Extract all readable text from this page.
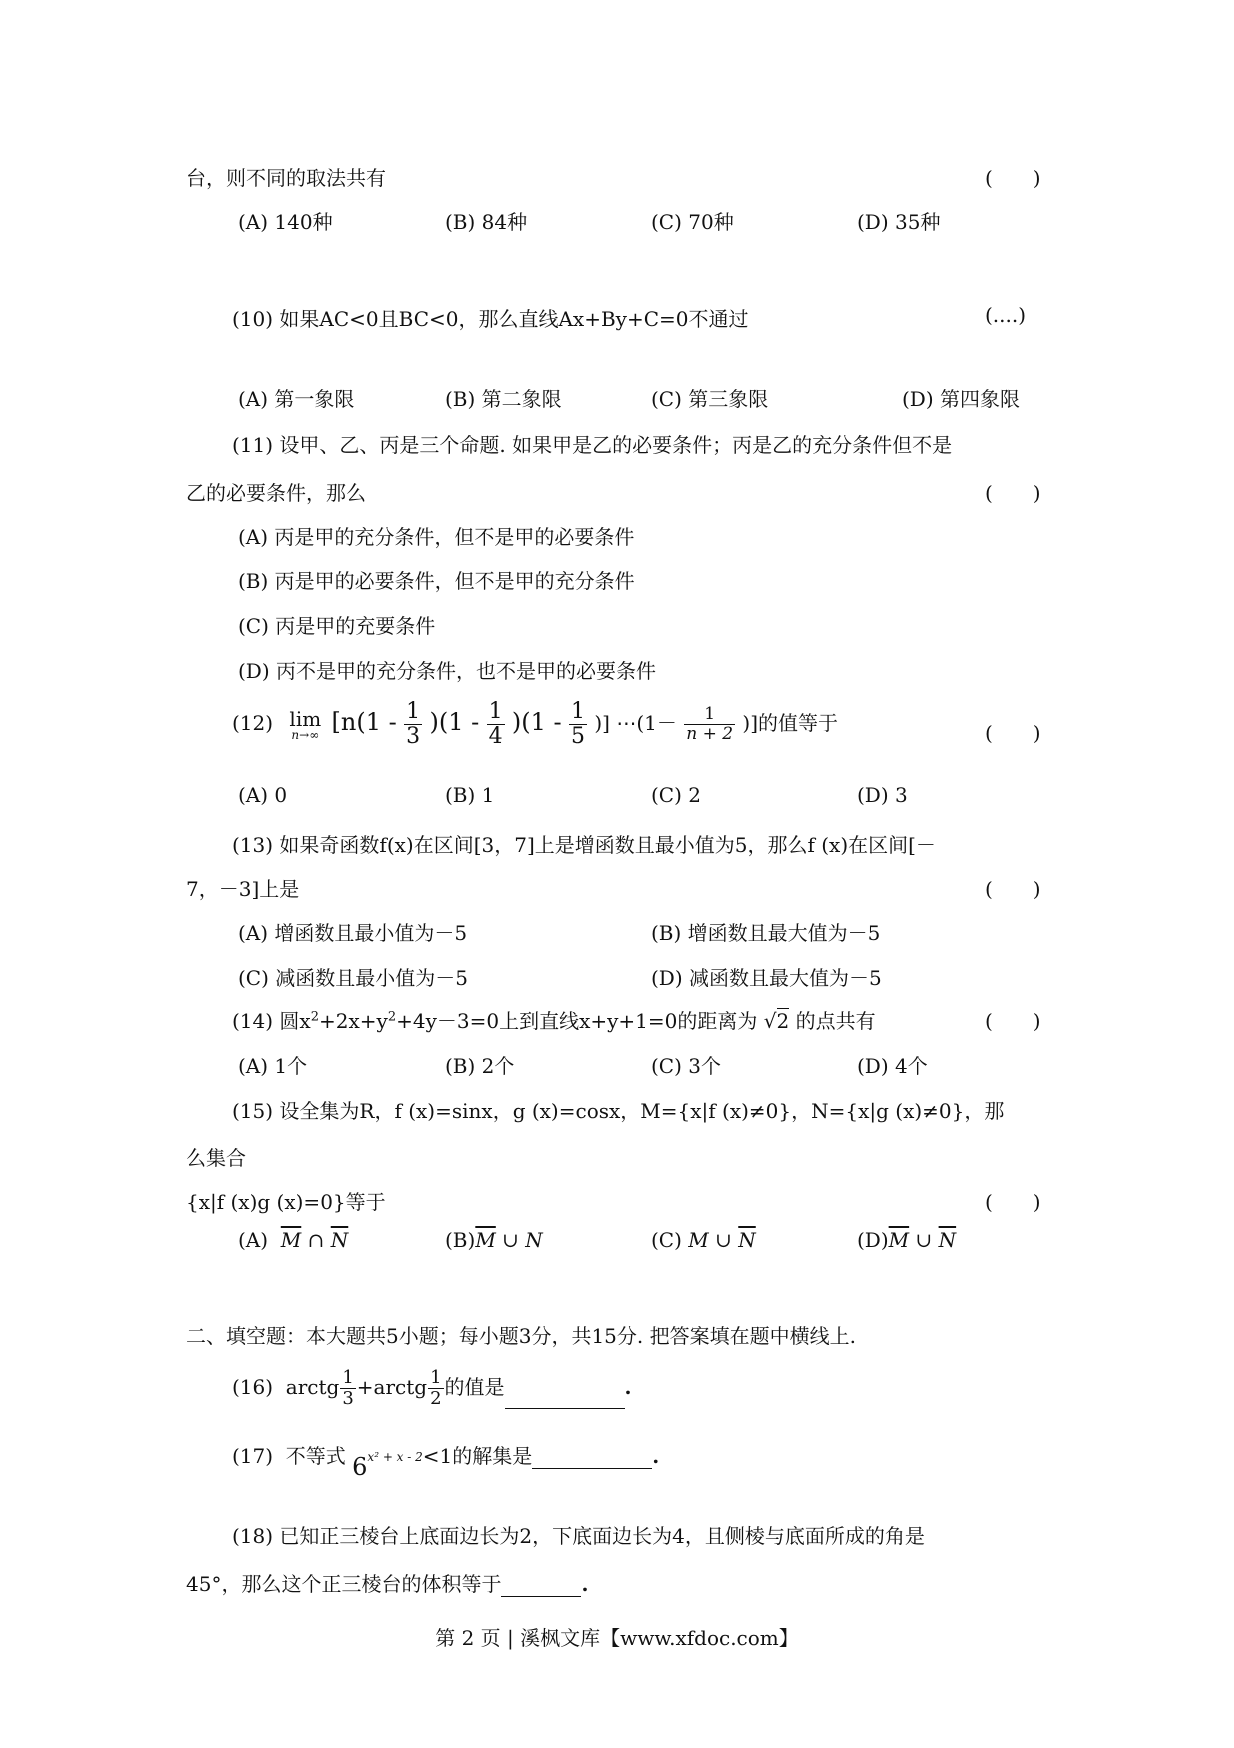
台，则不同的取法共有	(　　)
(A) 140种	(B) 84种	(C) 70种	(D) 35种
(10) 如果AC<0且BC<0，那么直线Ax+By+C=0不通过	(....)
(A) 第一象限	(B) 第二象限	(C) 第三象限	(D) 第四象限
(11) 设甲、乙、丙是三个命题. 如果甲是乙的必要条件；丙是乙的充分条件但不是
乙的必要条件，那么	(　　)
(A) 丙是甲的充分条件，但不是甲的必要条件
(B) 丙是甲的必要条件，但不是甲的充分条件
(C) 丙是甲的充要条件
(D) 丙不是甲的充分条件，也不是甲的必要条件
(12) lim
n→∞ [$n(1 - \frac{1}{3} )(1 - \frac{1}{4} )(1 - \frac{1}{5}$ )] ⋯(1－ $\frac{1}{n + 2}$ )]的值等于	(　　)
(A) 0	(B) 1	(C) 2	(D) 3
(13) 如果奇函数f(x)在区间[3，7]上是增函数且最小值为5，那么f (x)在区间[－
7，－3]上是	(　　)
(A) 增函数且最小值为－5	(B) 增函数且最大值为－5
(C) 减函数且最小值为－5	(D) 减函数且最大值为－5
(14) 圆$x^2+2x+y^2+4y-3=0$上到直线x+y+1=0的距离为 √2 的点共有	(　　)
(A) 1个	(B) 2个	(C) 3个	(D) 4个
(15) 设全集为R，f (x)=sinx，g (x)=cosx，M={x|f (x)≠0}，N={x|g (x)≠0}，那
么集合
{x|f (x)g (x)=0}等于	(　　)
(A) $\overline{M}$ ∩ $\overline{N}$	$(B)\overline{M}$ ∪ N	(C) M ∪ $\overline{N}$	$(D)\overline{M}$ ∪ $\overline{N}$
二、填空题：本大题共5小题；每小题3分，共15分. 把答案填在题中横线上.
(16) arctg $\frac{1}{3}$ +arctg $\frac{1}{2}$ 的值是	.
(17) 不等式 6x² + x - 2<1的解集是	.
(18) 已知正三棱台上底面边长为2，下底面边长为4，且侧棱与底面所成的角是
45°，那么这个正三棱台的体积等于	.
第 2 页 | 溪枫文库【www.xfdoc.com】
